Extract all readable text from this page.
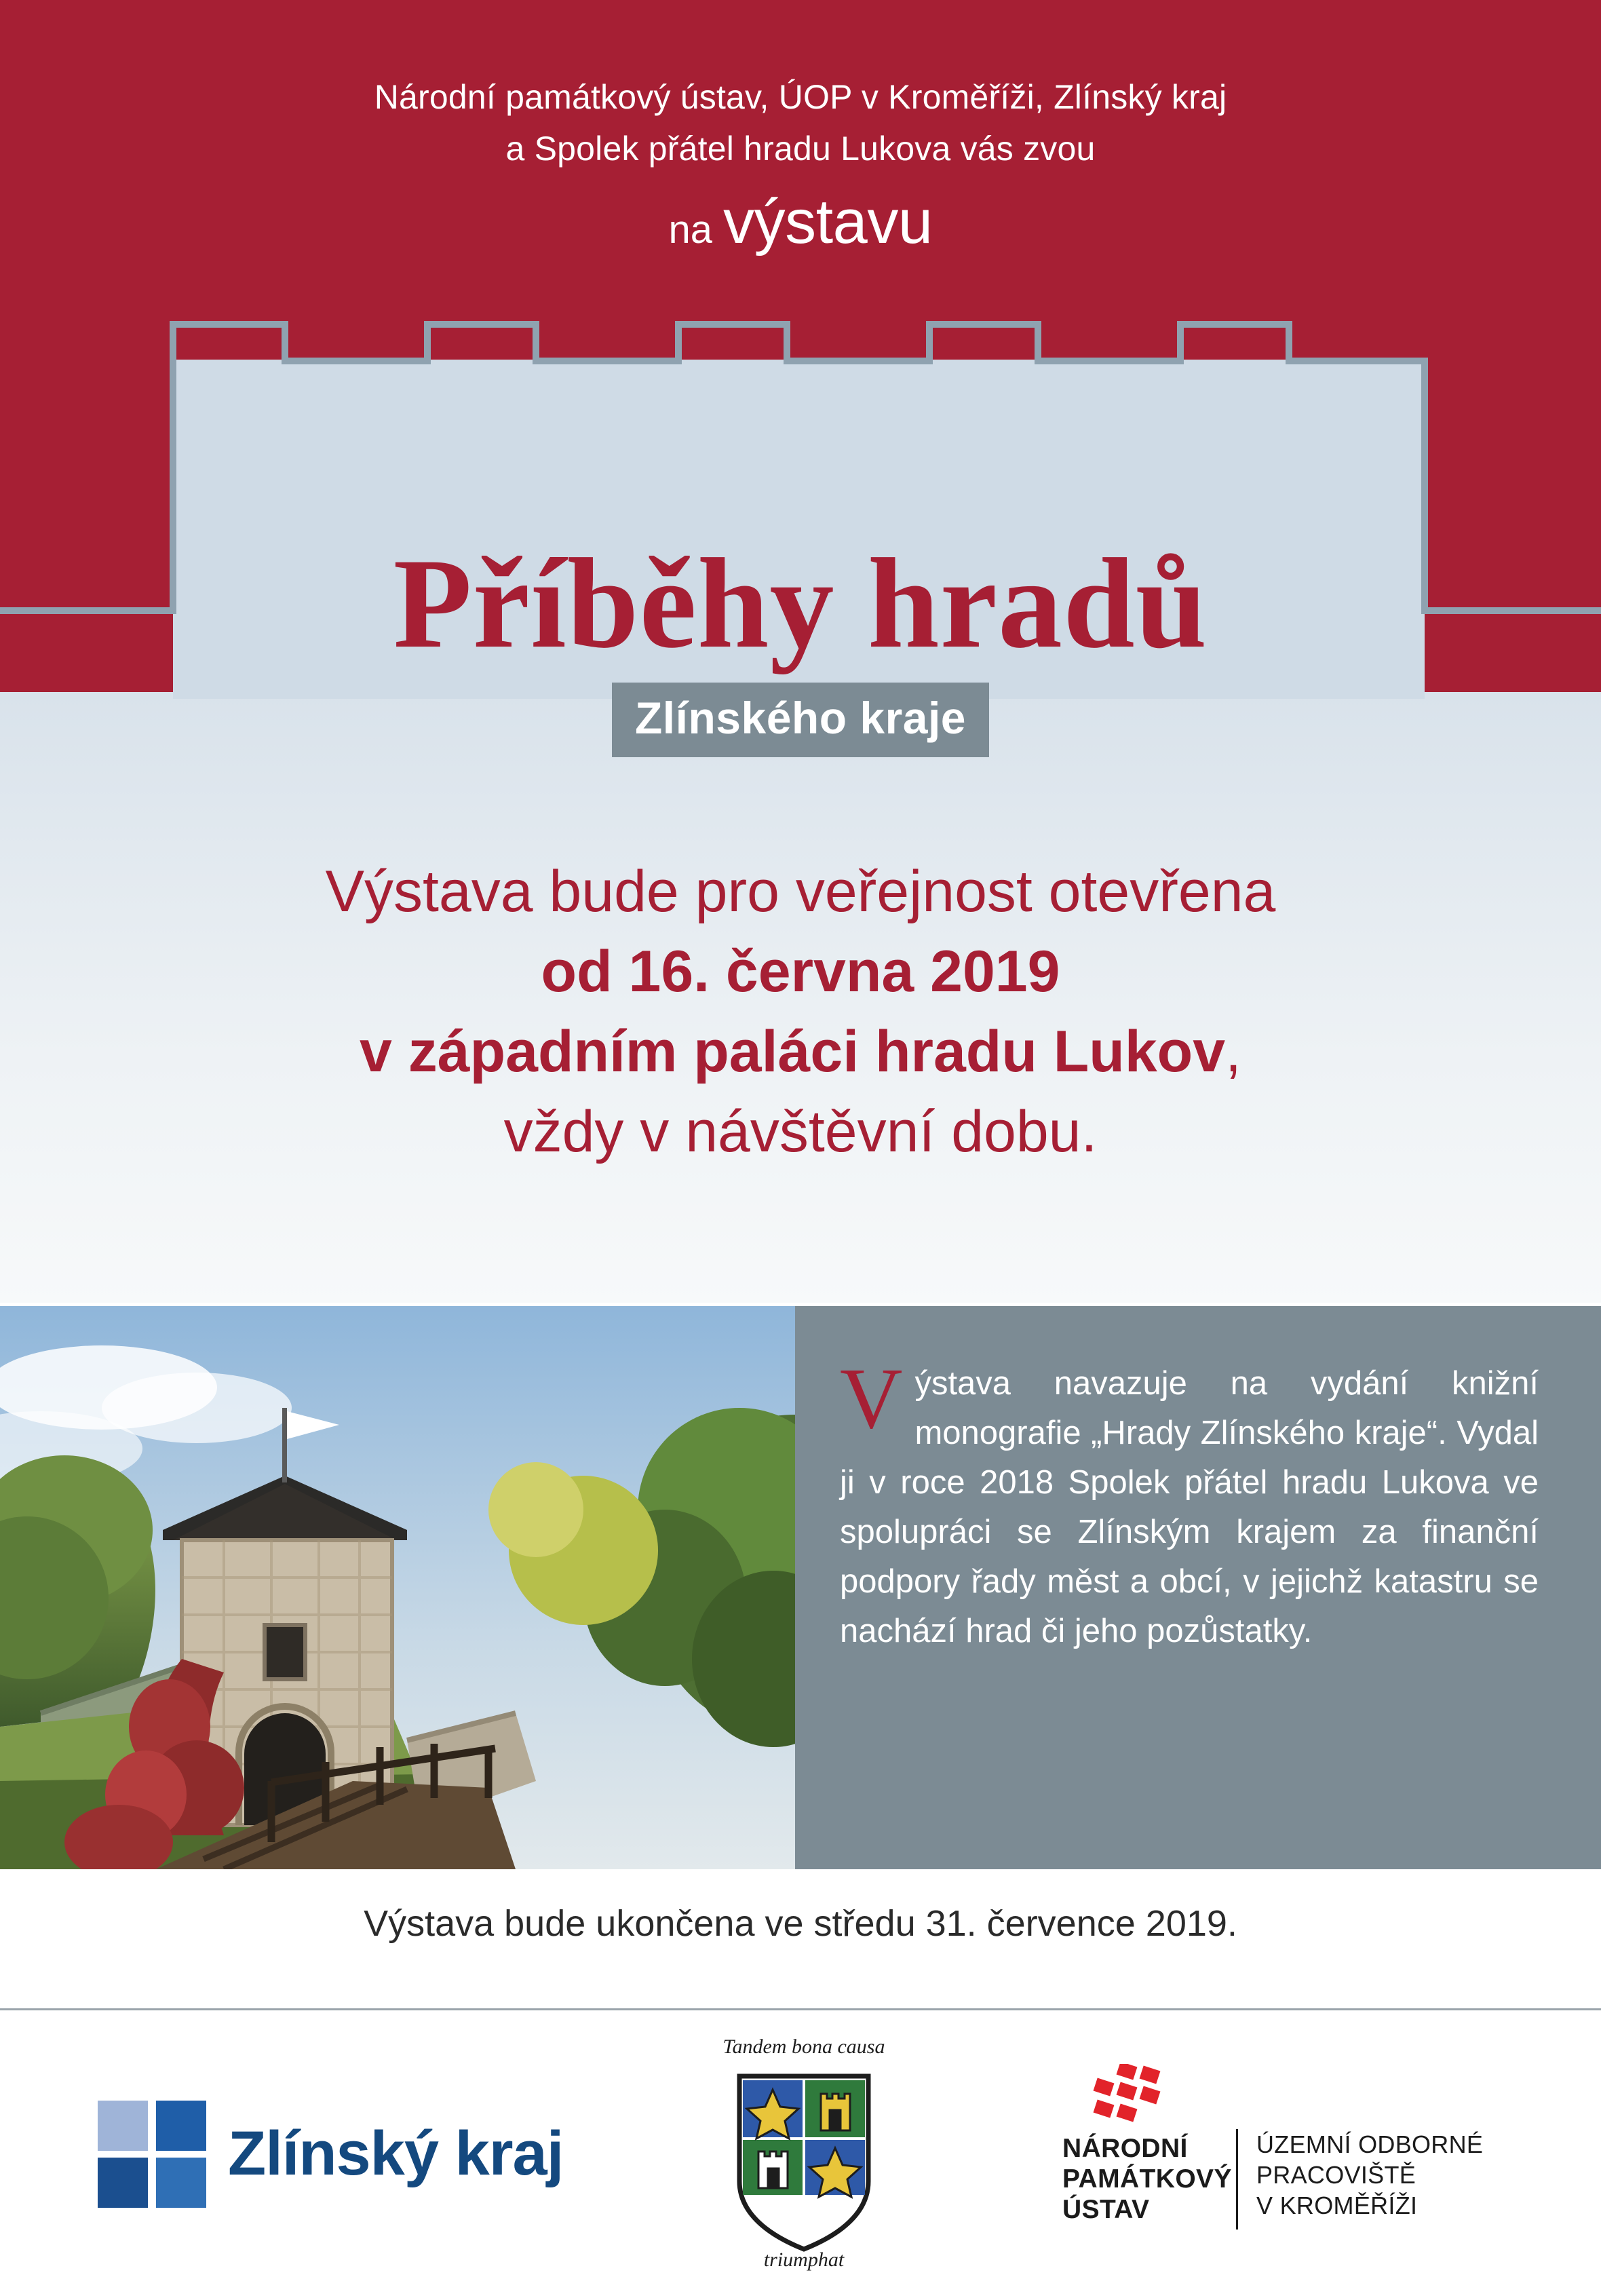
Národní památkový ústav, ÚOP v Kroměříži, Zlínský kraj
a Spolek přátel hradu Lukova vás zvou
na výstavu
Příběhy hradů
Zlínského kraje
Výstava bude pro veřejnost otevřena
od 16. června 2019
v západním paláci hradu Lukov,
vždy v návštěvní dobu.
Výstava navazuje na vydání knižní monografie „Hrady Zlínského kraje“. Vydal ji v roce 2018 Spolek přátel hradu Lukova ve spolupráci se Zlínským krajem za finanční podpory řady měst a obcí, v jejichž katastru se nachází hrad či jeho pozůstatky.
Výstava bude ukončena ve středu 31. července 2019.
Zlínský kraj
Tandem bona causa
triumphat
NÁRODNÍ
PAMÁTKOVÝ
ÚSTAV
ÚZEMNÍ ODBORNÉ
PRACOVIŠTĚ
V KROMĚŘÍŽI
